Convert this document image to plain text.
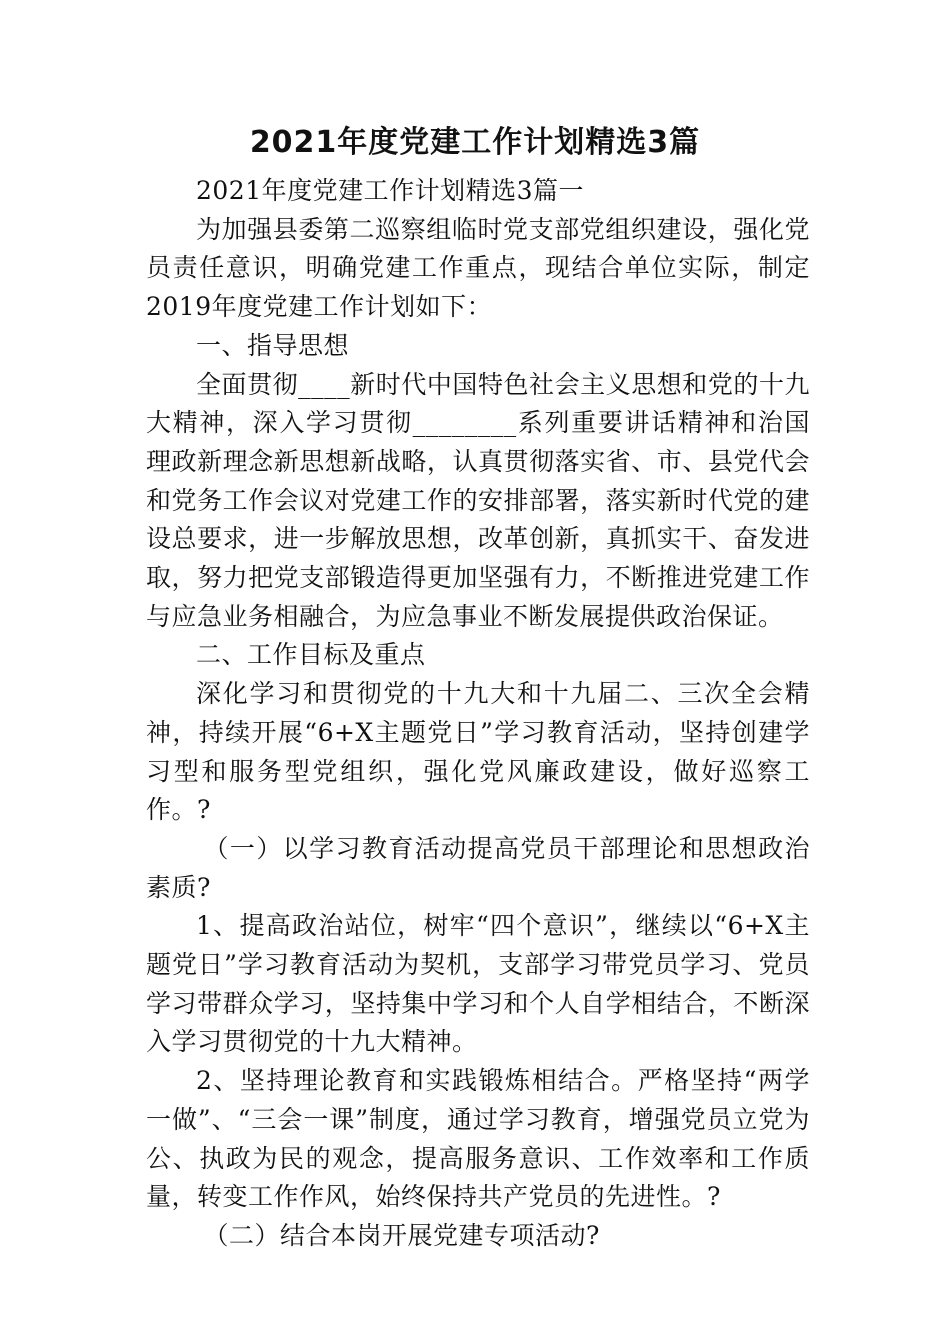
2021年度党建工作计划精选3篇

2021年度党建工作计划精选3篇一

为加强县委第二巡察组临时党支部党组织建设，强化党员责任意识，明确党建工作重点，现结合单位实际，制定2019年度党建工作计划如下：

一、指导思想

全面贯彻____新时代中国特色社会主义思想和党的十九大精神，深入学习贯彻________系列重要讲话精神和治国理政新理念新思想新战略，认真贯彻落实省、市、县党代会和党务工作会议对党建工作的安排部署，落实新时代党的建设总要求，进一步解放思想，改革创新，真抓实干、奋发进取，努力把党支部锻造得更加坚强有力，不断推进党建工作与应急业务相融合，为应急事业不断发展提供政治保证。

二、工作目标及重点

深化学习和贯彻党的十九大和十九届二、三次全会精神，持续开展“6+X主题党日”学习教育活动，坚持创建学习型和服务型党组织，强化党风廉政建设，做好巡察工作。?

（一）以学习教育活动提高党员干部理论和思想政治素质?

1、提高政治站位，树牢“四个意识”，继续以“6+X主题党日”学习教育活动为契机，支部学习带党员学习、党员学习带群众学习，坚持集中学习和个人自学相结合，不断深入学习贯彻党的十九大精神。

2、坚持理论教育和实践锻炼相结合。严格坚持“两学一做”、“三会一课”制度，通过学习教育，增强党员立党为公、执政为民的观念，提高服务意识、工作效率和工作质量，转变工作作风，始终保持共产党员的先进性。?

（二）结合本岗开展党建专项活动?
